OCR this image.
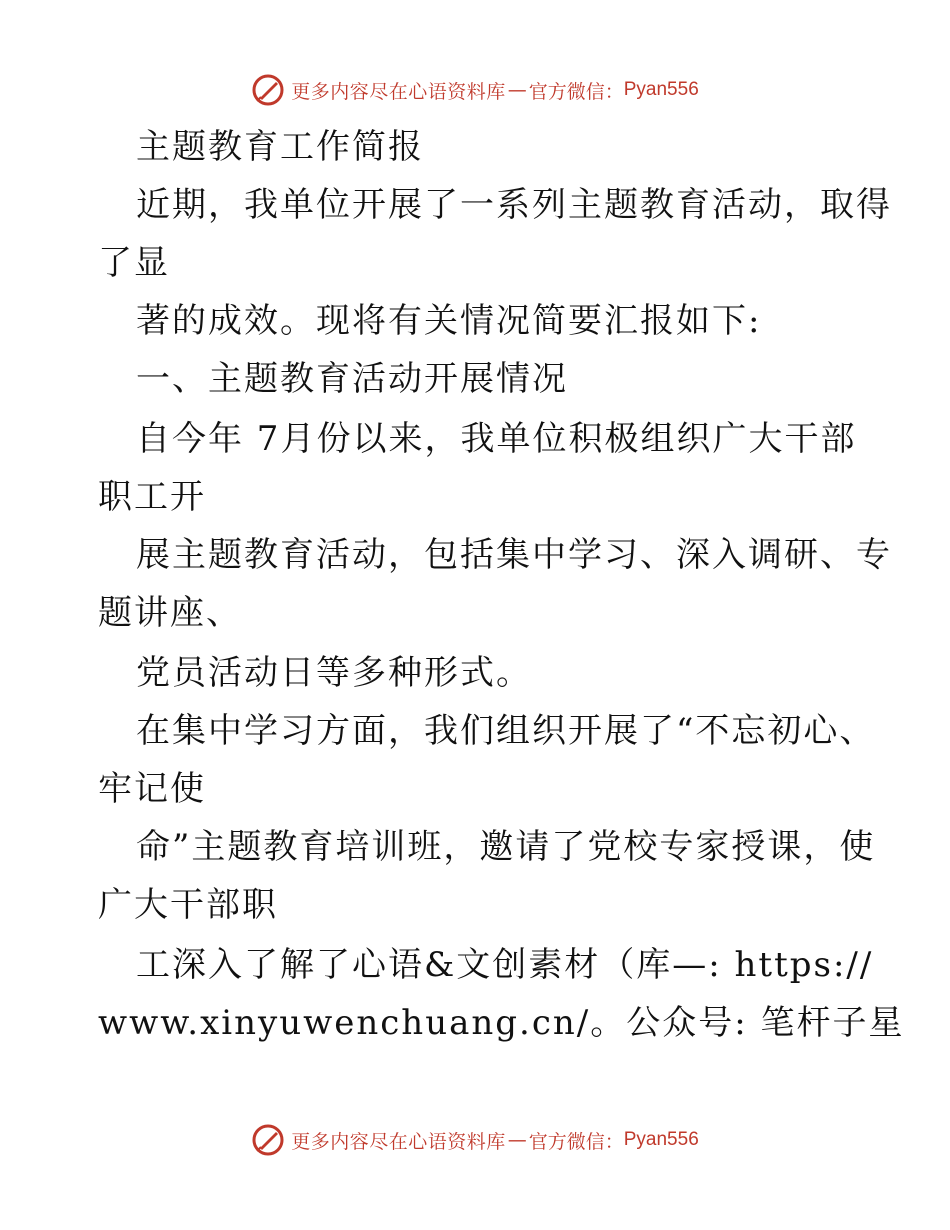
更多内容尽在心语资料库 — 官方微信： Pyan556
主题教育工作简报
近期，我单位开展了一系列主题教育活动，取得
了显
著的成效。现将有关情况简要汇报如下:
一、主题教育活动开展情况
自今年 7月份以来，我单位积极组织广大干部
职工开
展主题教育活动，包括集中学习、深入调研、专
题讲座、
党员活动日等多种形式。
在集中学习方面，我们组织开展了“不忘初心、
牢记使
命”主题教育培训班，邀请了党校专家授课，使
广大干部职
工深入了解了心语&文创素材（库—: https://
www.xinyuwenchuang.cn/。公众号: 笔杆子星
更多内容尽在心语资料库 — 官方微信： Pyan556
